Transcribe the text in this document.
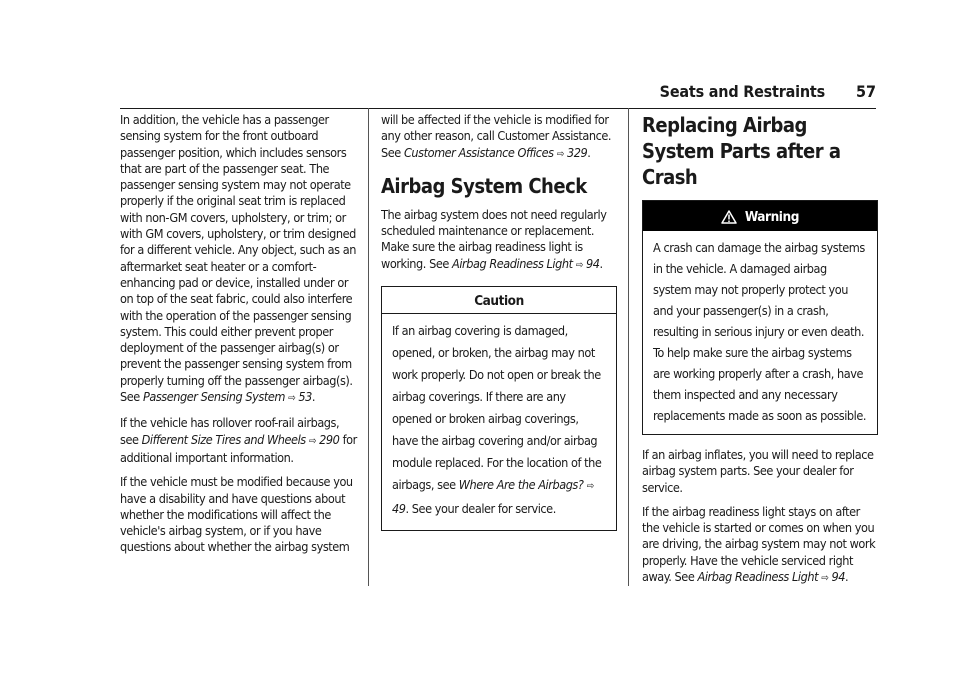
Seats and Restraints 57

In addition, the vehicle has a passenger sensing system for the front outboard passenger position, which includes sensors that are part of the passenger seat. The passenger sensing system may not operate properly if the original seat trim is replaced with non-GM covers, upholstery, or trim; or with GM covers, upholstery, or trim designed for a different vehicle. Any object, such as an aftermarket seat heater or a comfort-enhancing pad or device, installed under or on top of the seat fabric, could also interfere with the operation of the passenger sensing system. This could either prevent proper deployment of the passenger airbag(s) or prevent the passenger sensing system from properly turning off the passenger airbag(s). See Passenger Sensing System ⇨ 53.

If the vehicle has rollover roof-rail airbags, see Different Size Tires and Wheels ⇨ 290 for additional important information.

If the vehicle must be modified because you have a disability and have questions about whether the modifications will affect the vehicle's airbag system, or if you have questions about whether the airbag system

will be affected if the vehicle is modified for any other reason, call Customer Assistance. See Customer Assistance Offices ⇨ 329.

Airbag System Check

The airbag system does not need regularly scheduled maintenance or replacement. Make sure the airbag readiness light is working. See Airbag Readiness Light ⇨ 94.

Caution

If an airbag covering is damaged, opened, or broken, the airbag may not work properly. Do not open or break the airbag coverings. If there are any opened or broken airbag coverings, have the airbag covering and/or airbag module replaced. For the location of the airbags, see Where Are the Airbags? ⇨ 49. See your dealer for service.

Replacing Airbag System Parts after a Crash
Warning

A crash can damage the airbag systems in the vehicle. A damaged airbag system may not properly protect you and your passenger(s) in a crash, resulting in serious injury or even death. To help make sure the airbag systems are working properly after a crash, have them inspected and any necessary replacements made as soon as possible.

If an airbag inflates, you will need to replace airbag system parts. See your dealer for service.

If the airbag readiness light stays on after the vehicle is started or comes on when you are driving, the airbag system may not work properly. Have the vehicle serviced right away. See Airbag Readiness Light ⇨ 94.
